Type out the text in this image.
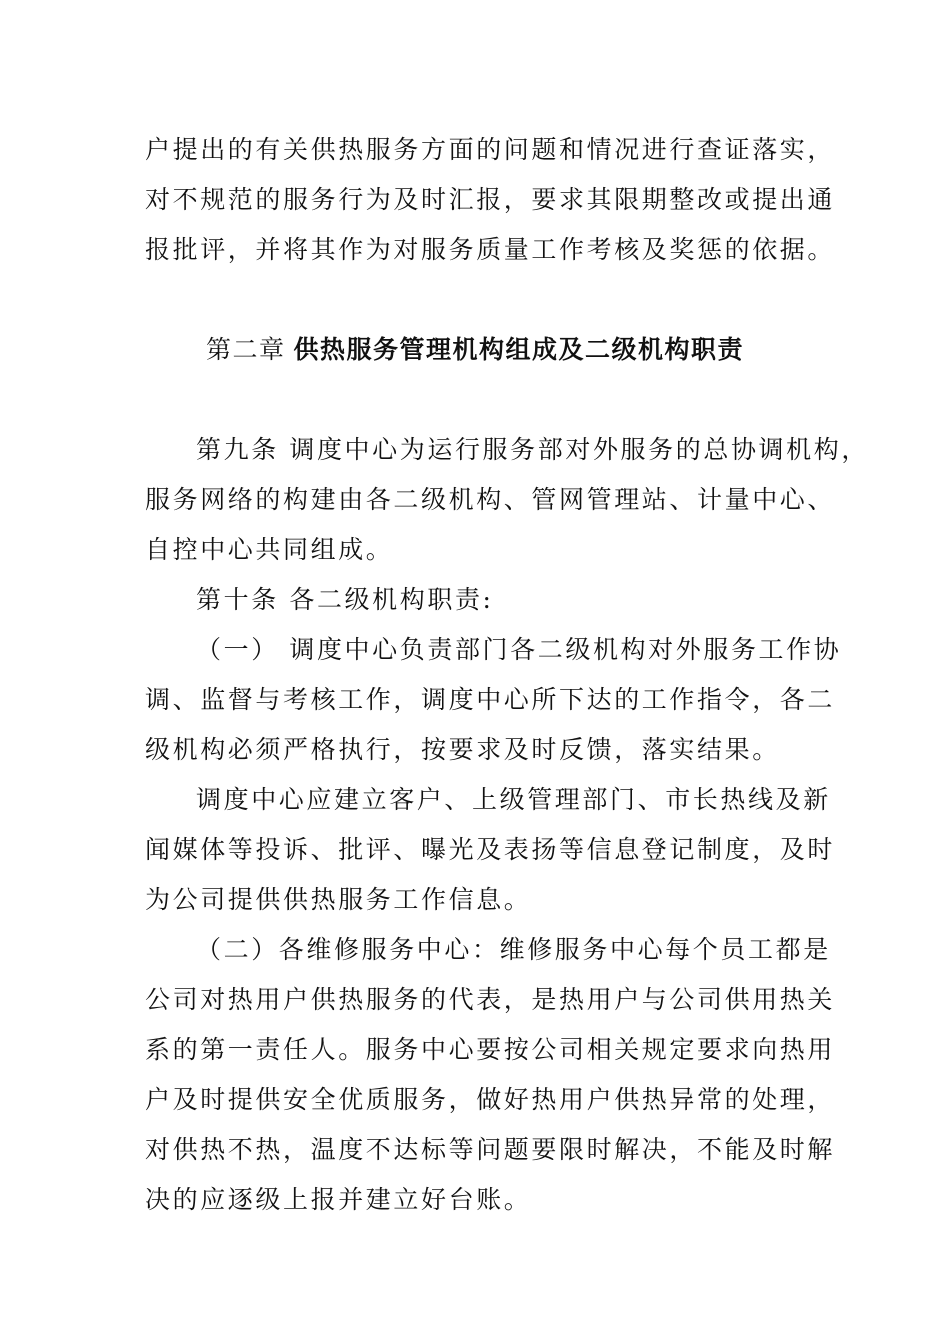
户提出的有关供热服务方面的问题和情况进行查证落实，
对不规范的服务行为及时汇报，要求其限期整改或提出通
报批评，并将其作为对服务质量工作考核及奖惩的依据。
第二章 供热服务管理机构组成及二级机构职责
第九条 调度中心为运行服务部对外服务的总协调机构，
服务网络的构建由各二级机构、管网管理站、计量中心、
自控中心共同组成。
第十条 各二级机构职责:
（一） 调度中心负责部门各二级机构对外服务工作协
调、监督与考核工作，调度中心所下达的工作指令，各二
级机构必须严格执行，按要求及时反馈，落实结果。
调度中心应建立客户、上级管理部门、市长热线及新
闻媒体等投诉、批评、曝光及表扬等信息登记制度，及时
为公司提供供热服务工作信息。
（二）各维修服务中心：维修服务中心每个员工都是
公司对热用户供热服务的代表，是热用户与公司供用热关
系的第一责任人。服务中心要按公司相关规定要求向热用
户及时提供安全优质服务，做好热用户供热异常的处理，
对供热不热，温度不达标等问题要限时解决，不能及时解
决的应逐级上报并建立好台账。
